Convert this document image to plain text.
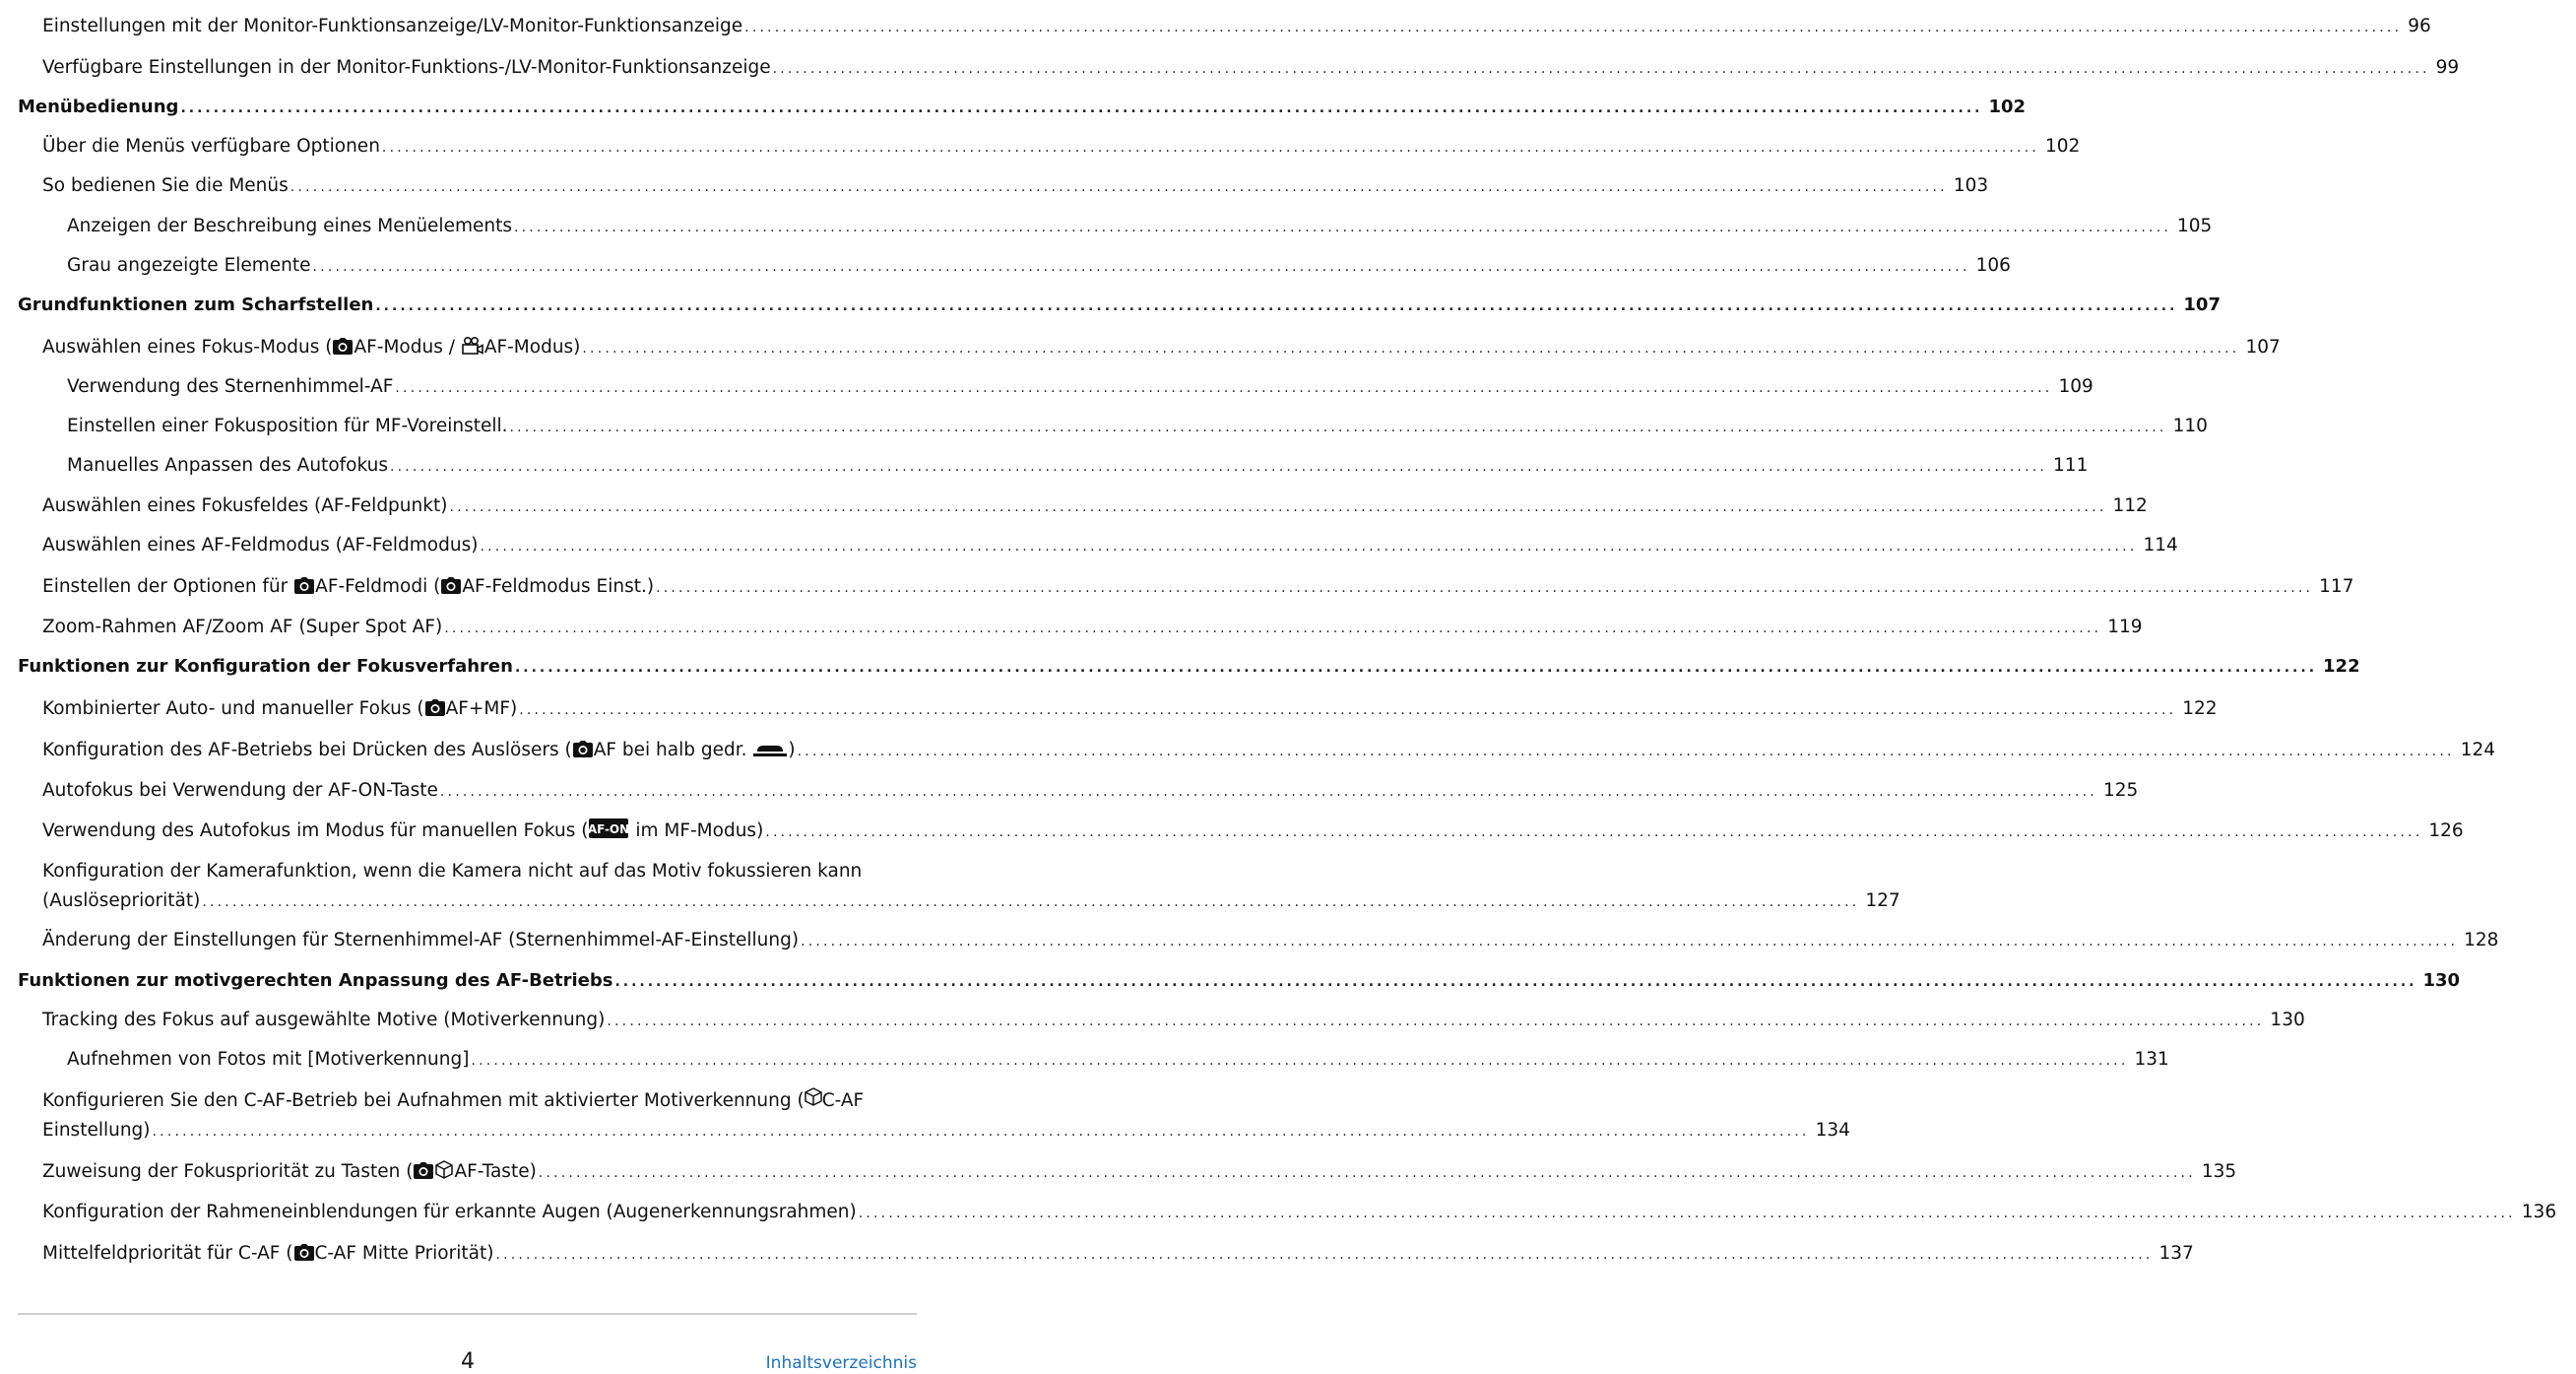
Einstellungen mit der Monitor-Funktionsanzeige/LV-Monitor-Funktionsanzeige ............................................................................................................................................................................................................................ 96
Verfügbare Einstellungen in der Monitor-Funktions-/LV-Monitor-Funktionsanzeige ............................................................................................................................................................................................................................ 99
Menübedienung ............................................................................................................................................................................................................................ 102
Über die Menüs verfügbare Optionen ............................................................................................................................................................................................................................ 102
So bedienen Sie die Menüs ............................................................................................................................................................................................................................ 103
Anzeigen der Beschreibung eines Menüelements ............................................................................................................................................................................................................................ 105
Grau angezeigte Elemente ............................................................................................................................................................................................................................ 106
Grundfunktionen zum Scharfstellen ............................................................................................................................................................................................................................ 107
Auswählen eines Fokus-Modus ( AF-Modus / AF-Modus) ............................................................................................................................................................................................................................ 107
Verwendung des Sternenhimmel-AF ............................................................................................................................................................................................................................ 109
Einstellen einer Fokusposition für MF-Voreinstell. ............................................................................................................................................................................................................................ 110
Manuelles Anpassen des Autofokus ............................................................................................................................................................................................................................ 111
Auswählen eines Fokusfeldes (AF-Feldpunkt) ............................................................................................................................................................................................................................ 112
Auswählen eines AF-Feldmodus (AF-Feldmodus) ............................................................................................................................................................................................................................ 114
Einstellen der Optionen für AF-Feldmodi ( AF-Feldmodus Einst.) ............................................................................................................................................................................................................................ 117
Zoom-Rahmen AF/Zoom AF (Super Spot AF) ............................................................................................................................................................................................................................ 119
Funktionen zur Konfiguration der Fokusverfahren ............................................................................................................................................................................................................................ 122
Kombinierter Auto- und manueller Fokus ( AF+MF) ............................................................................................................................................................................................................................ 122
Konfiguration des AF-Betriebs bei Drücken des Auslösers ( AF bei halb gedr. ) ............................................................................................................................................................................................................................ 124
Autofokus bei Verwendung der AF-ON-Taste ............................................................................................................................................................................................................................ 125
Verwendung des Autofokus im Modus für manuellen Fokus ( AF-ON im MF-Modus) ............................................................................................................................................................................................................................ 126
Konfiguration der Kamerafunktion, wenn die Kamera nicht auf das Motiv fokussieren kann
(Auslösepriorität) ............................................................................................................................................................................................................................ 127
Änderung der Einstellungen für Sternenhimmel-AF (Sternenhimmel-AF-Einstellung) ............................................................................................................................................................................................................................ 128
Funktionen zur motivgerechten Anpassung des AF-Betriebs ............................................................................................................................................................................................................................ 130
Tracking des Fokus auf ausgewählte Motive (Motiverkennung) ............................................................................................................................................................................................................................ 130
Aufnehmen von Fotos mit [Motiverkennung] ............................................................................................................................................................................................................................ 131
Konfigurieren Sie den C-AF-Betrieb bei Aufnahmen mit aktivierter Motiverkennung ( C-AF
Einstellung) ............................................................................................................................................................................................................................ 134
Zuweisung der Fokuspriorität zu Tasten ( AF-Taste) ............................................................................................................................................................................................................................ 135
Konfiguration der Rahmeneinblendungen für erkannte Augen (Augenerkennungsrahmen) ............................................................................................................................................................................................................................ 136
Mittelfeldpriorität für C-AF ( C-AF Mitte Priorität) ............................................................................................................................................................................................................................ 137
4	Inhaltsverzeichnis
